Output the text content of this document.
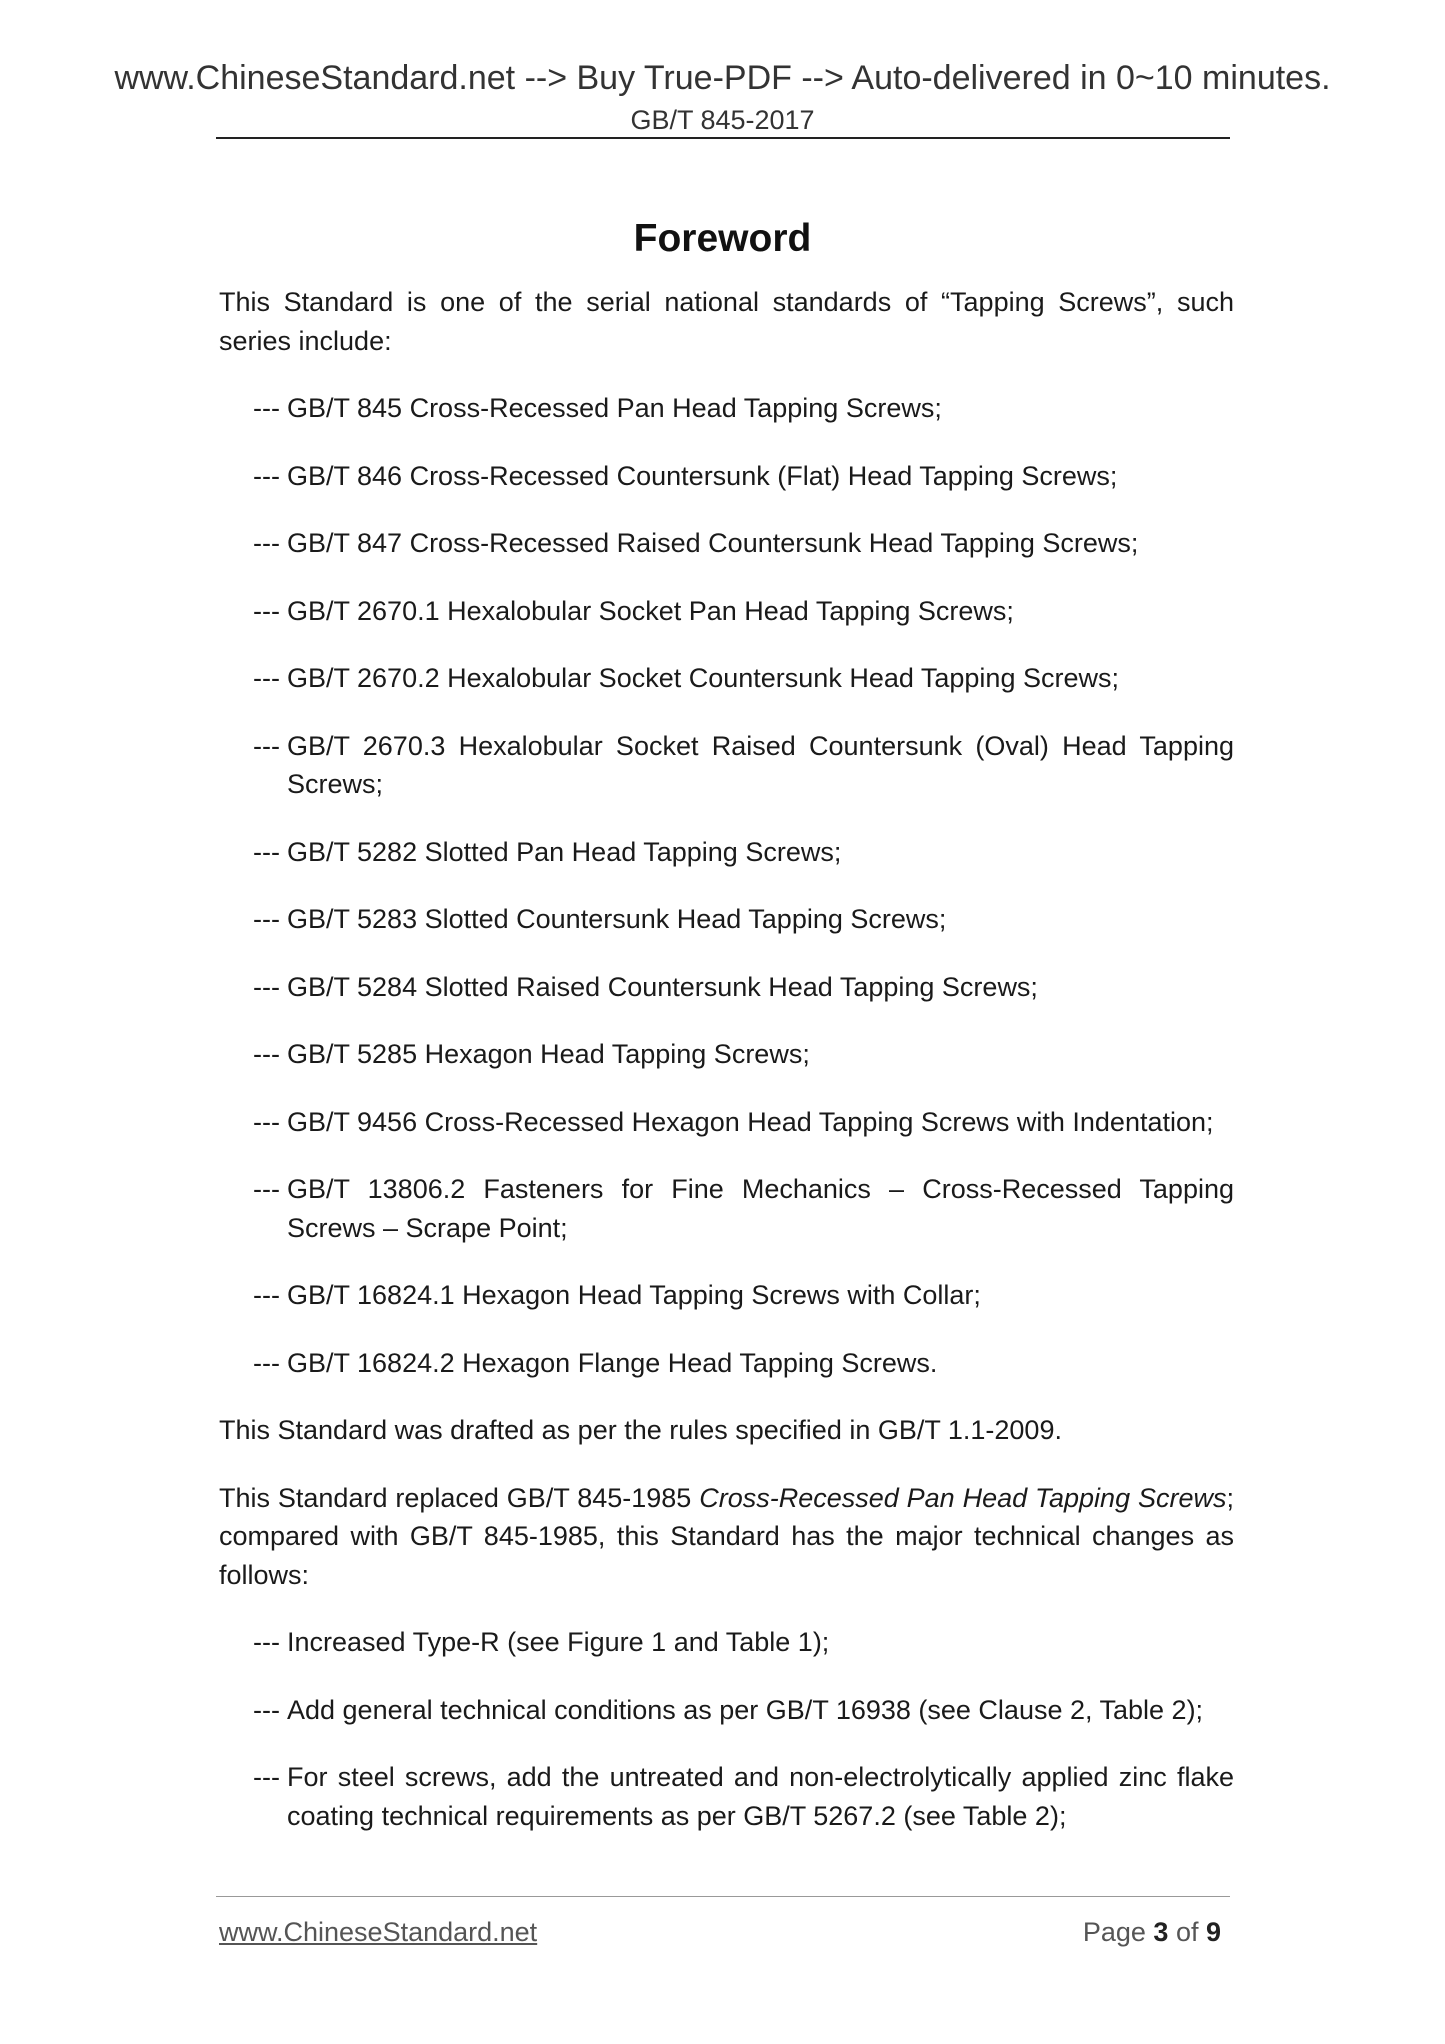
www.ChineseStandard.net --> Buy True-PDF --> Auto-delivered in 0~10 minutes.
GB/T 845-2017
Foreword

This Standard is one of the serial national standards of “Tapping Screws”, such series include:

--- GB/T 845 Cross-Recessed Pan Head Tapping Screws;
--- GB/T 846 Cross-Recessed Countersunk (Flat) Head Tapping Screws;
--- GB/T 847 Cross-Recessed Raised Countersunk Head Tapping Screws;
--- GB/T 2670.1 Hexalobular Socket Pan Head Tapping Screws;
--- GB/T 2670.2 Hexalobular Socket Countersunk Head Tapping Screws;
--- GB/T 2670.3 Hexalobular Socket Raised Countersunk (Oval) Head Tapping Screws;
--- GB/T 5282 Slotted Pan Head Tapping Screws;
--- GB/T 5283 Slotted Countersunk Head Tapping Screws;
--- GB/T 5284 Slotted Raised Countersunk Head Tapping Screws;
--- GB/T 5285 Hexagon Head Tapping Screws;
--- GB/T 9456 Cross-Recessed Hexagon Head Tapping Screws with Indentation;
--- GB/T 13806.2 Fasteners for Fine Mechanics – Cross-Recessed Tapping Screws – Scrape Point;
--- GB/T 16824.1 Hexagon Head Tapping Screws with Collar;
--- GB/T 16824.2 Hexagon Flange Head Tapping Screws.

This Standard was drafted as per the rules specified in GB/T 1.1-2009.

This Standard replaced GB/T 845-1985 Cross-Recessed Pan Head Tapping Screws; compared with GB/T 845-1985, this Standard has the major technical changes as follows:

--- Increased Type-R (see Figure 1 and Table 1);
--- Add general technical conditions as per GB/T 16938 (see Clause 2, Table 2);
--- For steel screws, add the untreated and non-electrolytically applied zinc flake coating technical requirements as per GB/T 5267.2 (see Table 2);
www.ChineseStandard.net	Page 3 of 9
